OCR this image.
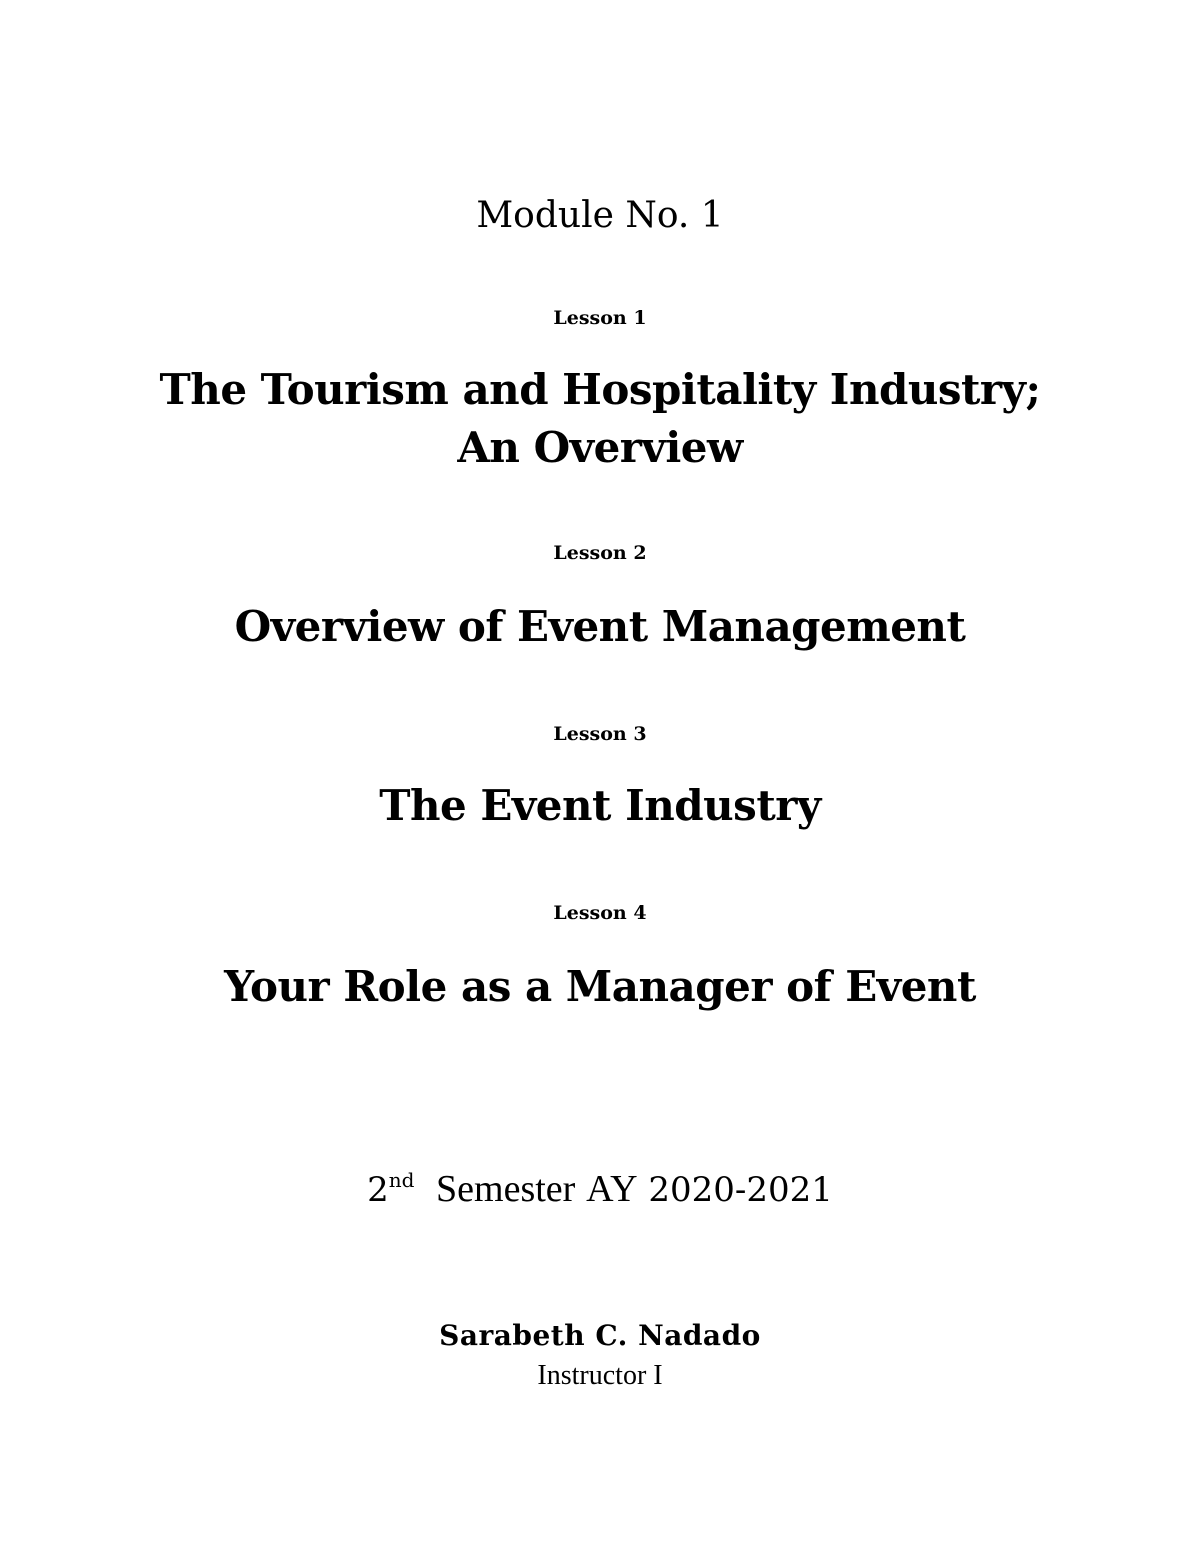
Module No. 1
Lesson 1
The Tourism and Hospitality Industry;
An Overview
Lesson 2
Overview of Event Management
Lesson 3
The Event Industry
Lesson 4
Your Role as a Manager of Event
2nd Semester AY 2020-2021
Sarabeth C. Nadado
Instructor I
